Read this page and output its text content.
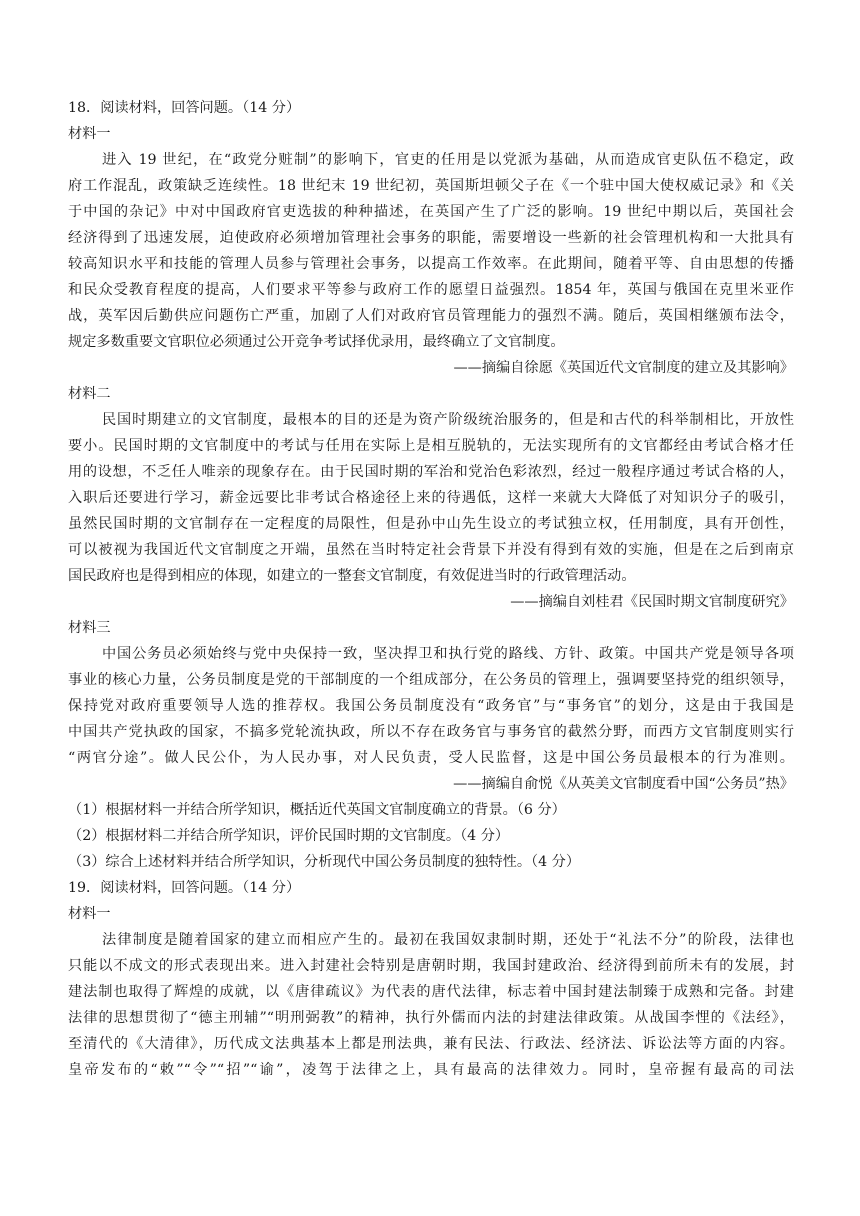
18．阅读材料，回答问题。（14 分）
材料一
进入 19 世纪，在“政党分赃制”的影响下，官吏的任用是以党派为基础，从而造成官吏队伍不稳定，政
府工作混乱，政策缺乏连续性。18 世纪末 19 世纪初，英国斯坦顿父子在《一个驻中国大使权威记录》和《关
于中国的杂记》中对中国政府官吏选拔的种种描述，在英国产生了广泛的影响。19 世纪中期以后，英国社会
经济得到了迅速发展，迫使政府必须增加管理社会事务的职能，需要增设一些新的社会管理机构和一大批具有
较高知识水平和技能的管理人员参与管理社会事务，以提高工作效率。在此期间，随着平等、自由思想的传播
和民众受教育程度的提高，人们要求平等参与政府工作的愿望日益强烈。1854 年，英国与俄国在克里米亚作
战，英军因后勤供应问题伤亡严重，加剧了人们对政府官员管理能力的强烈不满。随后，英国相继颁布法令，
规定多数重要文官职位必须通过公开竞争考试择优录用，最终确立了文官制度。
——摘编自徐愿《英国近代文官制度的建立及其影响》
材料二
民国时期建立的文官制度，最根本的目的还是为资产阶级统治服务的，但是和古代的科举制相比，开放性
要小。民国时期的文官制度中的考试与任用在实际上是相互脱轨的，无法实现所有的文官都经由考试合格才任
用的设想，不乏任人唯亲的现象存在。由于民国时期的军治和党治色彩浓烈，经过一般程序通过考试合格的人，
入职后还要进行学习，薪金远要比非考试合格途径上来的待遇低，这样一来就大大降低了对知识分子的吸引，
虽然民国时期的文官制存在一定程度的局限性，但是孙中山先生设立的考试独立权，任用制度，具有开创性，
可以被视为我国近代文官制度之开端，虽然在当时特定社会背景下并没有得到有效的实施，但是在之后到南京
国民政府也是得到相应的体现，如建立的一整套文官制度，有效促进当时的行政管理活动。
——摘编自刘桂君《民国时期文官制度研究》
材料三
中国公务员必须始终与党中央保持一致，坚决捍卫和执行党的路线、方针、政策。中国共产党是领导各项
事业的核心力量，公务员制度是党的干部制度的一个组成部分，在公务员的管理上，强调要坚持党的组织领导，
保持党对政府重要领导人选的推荐权。我国公务员制度没有“政务官”与“事务官”的划分，这是由于我国是
中国共产党执政的国家，不搞多党轮流执政，所以不存在政务官与事务官的截然分野，而西方文官制度则实行
“两官分途”。做人民公仆，为人民办事，对人民负责，受人民监督，这是中国公务员最根本的行为准则。
——摘编自俞悦《从英美文官制度看中国“公务员”热》
（1）根据材料一并结合所学知识，概括近代英国文官制度确立的背景。（6 分）
（2）根据材料二并结合所学知识，评价民国时期的文官制度。（4 分）
（3）综合上述材料并结合所学知识，分析现代中国公务员制度的独特性。（4 分）
19．阅读材料，回答问题。（14 分）
材料一
法律制度是随着国家的建立而相应产生的。最初在我国奴隶制时期，还处于“礼法不分”的阶段，法律也
只能以不成文的形式表现出来。进入封建社会特别是唐朝时期，我国封建政治、经济得到前所未有的发展，封
建法制也取得了辉煌的成就，以《唐律疏议》为代表的唐代法律，标志着中国封建法制臻于成熟和完备。封建
法律的思想贯彻了“德主刑辅”“明刑弼教”的精神，执行外儒而内法的封建法律政策。从战国李悝的《法经》，
至清代的《大清律》，历代成文法典基本上都是刑法典，兼有民法、行政法、经济法、诉讼法等方面的内容。
皇帝发布的“敕”“令”“招”“谕”，凌驾于法律之上，具有最高的法律效力。同时，皇帝握有最高的司法
